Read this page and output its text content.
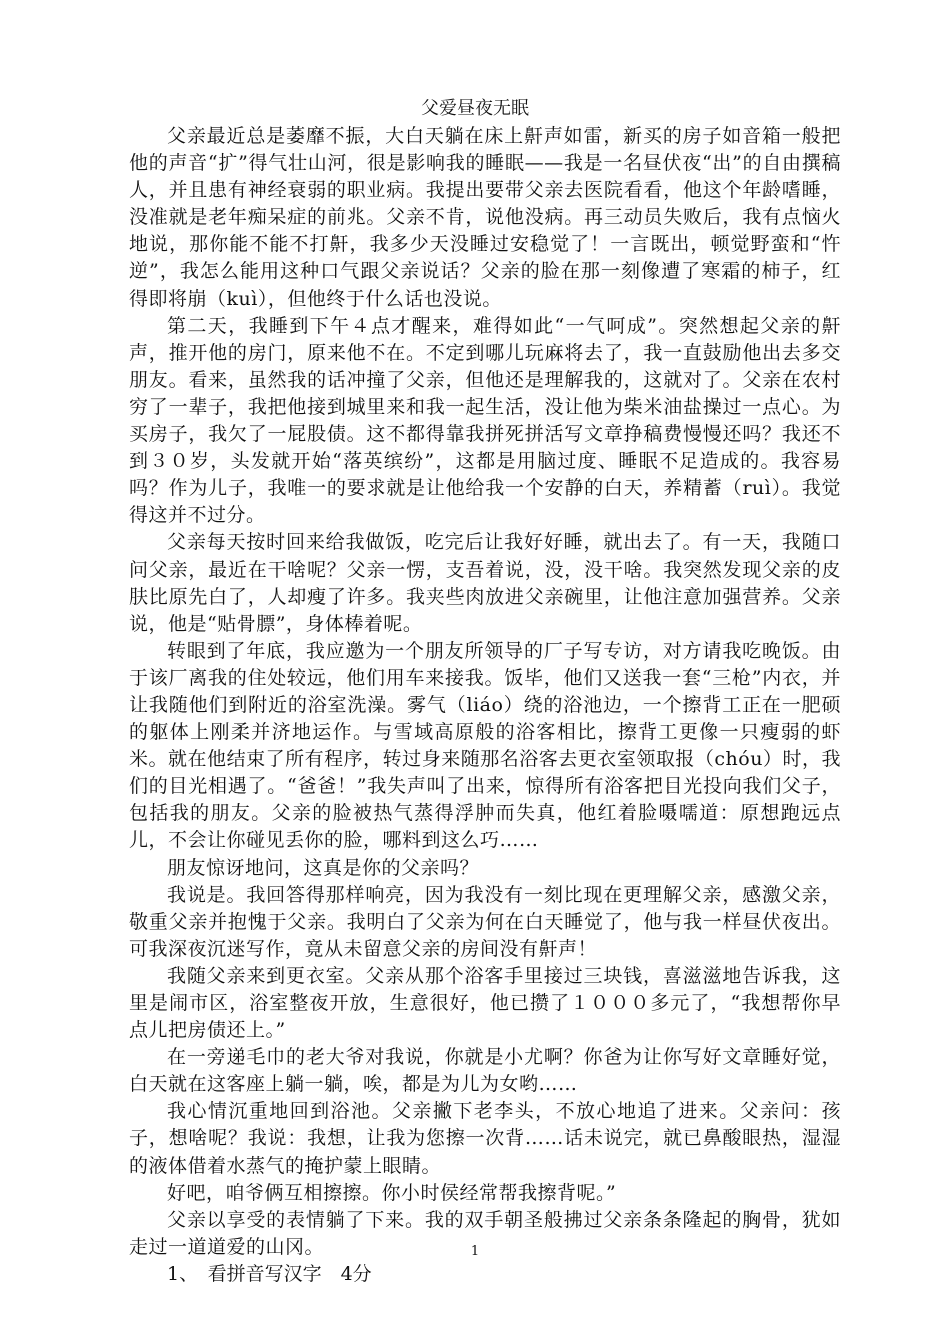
父爱昼夜无眠

父亲最近总是萎靡不振，大白天躺在床上鼾声如雷，新买的房子如音箱一般把他的声音“扩”得气壮山河，很是影响我的睡眠——我是一名昼伏夜“出”的自由撰稿人，并且患有神经衰弱的职业病。我提出要带父亲去医院看看，他这个年龄嗜睡，没准就是老年痴呆症的前兆。父亲不肯，说他没病。再三动员失败后，我有点恼火地说，那你能不能不打鼾，我多少天没睡过安稳觉了！一言既出，顿觉野蛮和“忤逆”，我怎么能用这种口气跟父亲说话？父亲的脸在那一刻像遭了寒霜的柿子，红得即将崩（kuì），但他终于什么话也没说。

第二天，我睡到下午４点才醒来，难得如此“一气呵成”。突然想起父亲的鼾声，推开他的房门，原来他不在。不定到哪儿玩麻将去了，我一直鼓励他出去多交朋友。看来，虽然我的话冲撞了父亲，但他还是理解我的，这就对了。父亲在农村穷了一辈子，我把他接到城里来和我一起生活，没让他为柴米油盐操过一点心。为买房子，我欠了一屁股债。这不都得靠我拼死拼活写文章挣稿费慢慢还吗？我还不到３０岁，头发就开始“落英缤纷”，这都是用脑过度、睡眠不足造成的。我容易吗？作为儿子，我唯一的要求就是让他给我一个安静的白天，养精蓄（ruì）。我觉得这并不过分。

父亲每天按时回来给我做饭，吃完后让我好好睡，就出去了。有一天，我随口问父亲，最近在干啥呢？父亲一愣，支吾着说，没，没干啥。我突然发现父亲的皮肤比原先白了，人却瘦了许多。我夹些肉放进父亲碗里，让他注意加强营养。父亲说，他是“贴骨膘”，身体棒着呢。

转眼到了年底，我应邀为一个朋友所领导的厂子写专访，对方请我吃晚饭。由于该厂离我的住处较远，他们用车来接我。饭毕，他们又送我一套“三枪”内衣，并让我随他们到附近的浴室洗澡。雾气（liáo）绕的浴池边，一个擦背工正在一肥硕的躯体上刚柔并济地运作。与雪域高原般的浴客相比，擦背工更像一只瘦弱的虾米。就在他结束了所有程序，转过身来随那名浴客去更衣室领取报（chóu）时，我们的目光相遇了。“爸爸！”我失声叫了出来，惊得所有浴客把目光投向我们父子，包括我的朋友。父亲的脸被热气蒸得浮肿而失真，他红着脸嗫嚅道：原想跑远点儿，不会让你碰见丢你的脸，哪料到这么巧……

朋友惊讶地问，这真是你的父亲吗？

我说是。我回答得那样响亮，因为我没有一刻比现在更理解父亲，感激父亲，敬重父亲并抱愧于父亲。我明白了父亲为何在白天睡觉了，他与我一样昼伏夜出。可我深夜沉迷写作，竟从未留意父亲的房间没有鼾声！

我随父亲来到更衣室。父亲从那个浴客手里接过三块钱，喜滋滋地告诉我，这里是闹市区，浴室整夜开放，生意很好，他已攒了１０００多元了，“我想帮你早点儿把房债还上。”

在一旁递毛巾的老大爷对我说，你就是小尤啊？你爸为让你写好文章睡好觉，白天就在这客座上躺一躺，唉，都是为儿为女哟……

我心情沉重地回到浴池。父亲撇下老李头，不放心地追了进来。父亲问：孩子，想啥呢？我说：我想，让我为您擦一次背……话未说完，就已鼻酸眼热，湿湿的液体借着水蒸气的掩护蒙上眼睛。

好吧，咱爷俩互相擦擦。你小时侯经常帮我擦背呢。”

父亲以享受的表情躺了下来。我的双手朝圣般拂过父亲条条隆起的胸骨，犹如走过一道道爱的山冈。

1、　看拼音写汉字　4分

1
